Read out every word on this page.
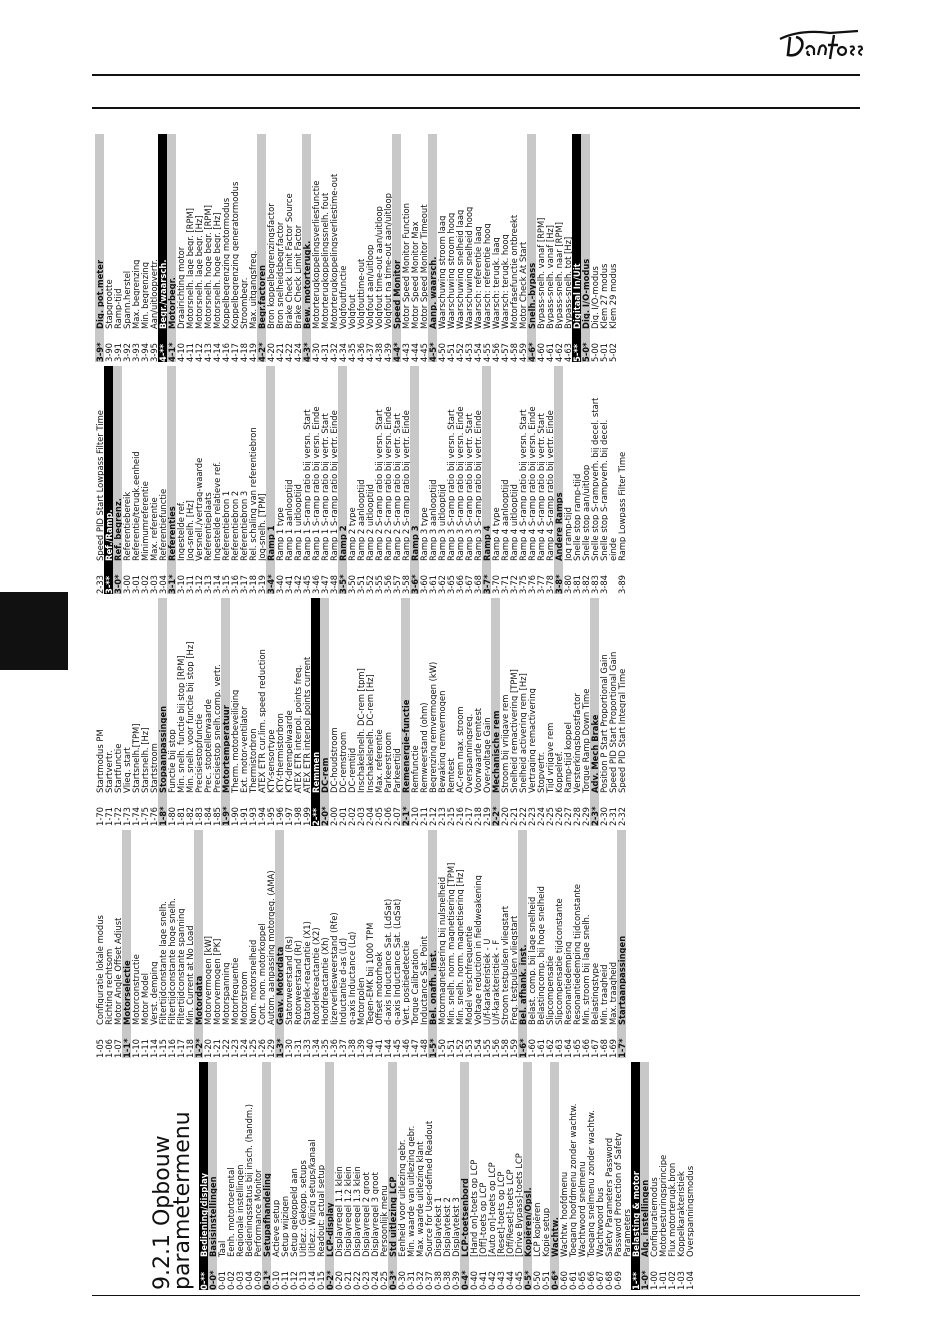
9.2.1Opbouw
parametermenu 0-**
Bediening/display
0-0*
Basisinstellingen
0-01
Taal
0-02
Eenh. motortoerental
0-03
Regionale instellingen
0-04
Bedieningsstatus bij insch. (handm.)
0-09
Performance Monitor
0-1*
Setupafhandeling
0-10
Actieve setup
0-11
Setup wijzigen
0-12
Setup gekoppeld aan
0-13
Uitlez.: Gekopp. setups
0-14
Uitlez.: Wijzig setups/kanaal
0-15
Readout: actual setup
0-2*
LCP-display
0-20
Displayregel 1.1 klein
0-21
Displayregel 1.2 klein
0-22
Displayregel 1.3 klein
0-23
Displayregel 2 groot
0-24
Displayregel 3 groot
0-25
Persoonlijk menu
0-3*
Std uitlezing LCP
0-30
Eenheid voor uitlezing gebr.
0-31
Min. waarde van uitlezing gebr.
0-32
Max. waarde uitlezing klant
0-37
Source for User-defined Readout
0-38
Displaytekst 1
0-38
Displaytekst 2
0-39
Displaytekst 3
0-4*
LCP-toetsenbord
0-40
[Hand on]-toets op LCP
0-41
[Off]-toets op LCP
0-42
[Auto on]-toets op LCP
0-43
[Reset]-toets op LCP
0-44
[Off/Reset]-toets LCP
0-45
[Drive Bypass]-toets LCP
0-5*
Kopiëren/Opsl.
0-50
LCP kopiëren
0-51
Kopie setup
0-6*
Wachtw.
0-60
Wachtw. hoofdmenu
0-61
Toegang hoofdmenu zonder wachtw.
0-65
Wachtwoord snelmenu
0-66
Toegang snelmenu zonder wachtw.
0-67
Wachtwoord bus
0-68
Safety Parameters Password
0-69
Password Protection of Safety Parameters
1-**
Belasting & motor
1-0*
Alg. instellingen
1-00
Configuratiemodus
1-01
Motorbesturingsprincipe
1-02
Flux motorterugk.bron
1-03
Koppelkarakteristiek
1-04
Overspanningsmodus
1-05
Configuratie lokale modus
1-06
Richting rechtsom
1-07
Motor Angle Offset Adjust
1-1*
Motorselectie
1-10
Motorconstructie
1-11
Motor Model
1-14
Verst. demping
1-15
Filtertijdconstante lage snelh.
1-16
Filtertijdconstante hoge snelh.
1-17
Filtertijdconstante spanning
1-18
Min. Current at No Load
1-2*
Motordata
1-20
Motorvermogen [kW]
1-21
Motorvermogen [PK]
1-22
Motorspanning
1-23
Motorfrequentie
1-24
Motorstroom
1-25
Nom. motorsnelheid
1-26
Cont. nom. motorkoppel
1-29
Autom. aanpassing motorgeg. (AMA)
1-3*
Geav. Motordata
1-30
Statorweerstand (Rs)
1-31
Rotorweerstand (Rr)
1-33
Statorlek-reactantie (X1)
1-34
Rotorlekreactantie (X2)
1-35
Hoofdreactantie (Xh)
1-36
Ijzerverliesweerstand (Rfe)
1-37
Inductantie d-as (Ld)
1-38
q-axis Inductance (Lq)
1-39
Motorpolen
1-40
Tegen-EMK bij 1000 TPM
1-41
Offset motorhoek
1-44
d-axis Inductance Sat. (LdSat)
1-45
q-axis Inductance Sat. (LqSat)
1-46
Vert. positiedetectie
1-47
Torque Calibration
1-48
Inductance Sat. Point
1-5*
Bel. onafh. inst.
1-50
Motormagnetisering bij nulsnelheid
1-51
Min. snelh. norm. magnetisering [TPM]
1-52
Min. snelh. norm. magnetisering [Hz]
1-53
Model verschfrequentie
1-54
Voltage reduction in fieldweakening
1-55
U/f-karakteristiek - U
1-56
U/f-karakteristiek - F
1-58
Stroom testpulsen vliegstart
1-59
Freq. testpulsen vliegstart
1-6*
Bel. afhank. inst.
1-60
Belast. comp. bij lage snelheid
1-61
Belastingcomp. bij hoge snelheid
1-62
Slipcompensatie
1-63
Slipcompensatie tijdconstante
1-64
Resonantiedemping
1-65
Resonantiedemping tijdconstante
1-66
Min. stroom bij lage snelh.
1-67
Belastingstype
1-68
Min. traagheid
1-69
Max. traagheid
1-7*
Startaanpassingen
1-70
Startmodus PM
1-71
Startvertr.
1-72
Startfunctie
1-73
Vlieg. start
1-74
Startsnelh.[TPM]
1-75
Startsnelh. [Hz]
1-76
Startstroom
1-8*
Stopaanpassingen
1-80
Functie bij stop
1-81
Min. snelh. functie bij stop [RPM]
1-82
Min. snelh. voor functie bij stop [Hz]
1-83
Precisiestopfunctie
1-84
Prec. stoptellerwaarde
1-85
Precisiestop snelh.comp. vertr.
1-9*
Motortemperatuur
1-90
Therm. motorbeveiliging
1-91
Ext. motor-ventilator
1-93
Thermistorbron
1-94
ATEX ETR cur.lim. speed reduction
1-95
KTY-sensortype
1-96
KTY-thermistorbron
1-97
KTY-drempelwaarde
1-98
ATEX ETR interpol. points freq.
1-99
ATEX ETR interpol points current
2-**
Remmen
2-0*
DC-rem
2-00
DC-houdstroom
2-01
DC-remstroom
2-02
DC-remtijd
2-03
Inschakelsnelh. DC-rem [tpm]
2-04
Inschakelsnelh. DC-rem [Hz]
2-05
Max. referentie
2-06
Parkeerstroom
2-07
Parkeertijd
2-1*
Remenergie-functie
2-10
Remfunctie
2-11
Remweerstand (ohm)
2-12
Begrenzing remvermogen (kW)
2-13
Bewaking remvermogen
2-15
Remtest
2-16
AC-rem max. stroom
2-17
Overspanningsreg.
2-18
Voorwaarde remtest
2-19
Over-voltage Gain
2-2*
Mechanische rem
2-20
Stroom bij vrijgave rem
2-21
Snelheid remactivering [TPM]
2-22
Snelheid activering rem [Hz]
2-23
Vertraging remactivering
2-24
Stopvertr.
2-25
Tijd vrijgave rem
2-26
Koppelref.
2-27
Ramp-tijd koppel
2-28
Versterkingsboostfactor
2-29
Torque Ramp Down Time
2-3*
Adv. Mech Brake
2-30
Position P Start Proportional Gain
2-31
Speed PID Start Proportional Gain
2-32
Speed PID Start Integral Time
2-33
Speed PID Start Lowpass Filter Time
3-**
Ref./Ramp.
3-0*
Ref. begrenz.
3-00
Referentiebereik
3-01
Referentie/terugk.eenheid
3-02
Minimumreferentie
3-03
Max. referentie
3-04
Referentiefunctie
3-1*
Referenties
3-10
Ingestelde ref.
3-11
Jog-snelh. [Hz]
3-12
Versnell./vertrag-waarde
3-13
Referentieplaats
3-14
Ingestelde relatieve ref.
3-15
Referentiebron 1
3-16
Referentiebron 2
3-17
Referentiebron 3
3-18
Rel. schaling van referentiebron
3-19
Jog-snelh. [TPM]
3-4*
Ramp 1
3-40
Ramp 1 type
3-41
Ramp 1 aanlooptijd
3-42
Ramp 1 uitlooptijd
3-45
Ramp 1 S-ramp ratio bij versn. Start
3-46
Ramp 1 S-ramp ratio bij versn. Einde
3-47
Ramp 1 S-ramp ratio bij vertr. Start
3-48
Ramp 1 S-ramp ratio bij vertr. Einde
3-5*
Ramp 2
3-50
Ramp 2 type
3-51
Ramp 2 aanlooptijd
3-52
Ramp 2 uitlooptijd
3-55
Ramp 2 S-ramp ratio bij versn. Start
3-56
Ramp 2 S-ramp ratio bij versn. Einde
3-57
Ramp 2 S-ramp ratio bij vertr. Start
3-58
Ramp 2 S-ramp ratio bij vertr. Einde
3-6*
Ramp 3
3-60
Ramp 3 type
3-61
Ramp 3 aanlooptijd
3-62
Ramp 3 uitlooptijd
3-65
Ramp 3 S-ramp ratio bij versn. Start
3-66
Ramp 3 S-ramp ratio bij versn. Einde
3-67
Ramp 3 S-ramp ratio bij vertr. Start
3-68
Ramp 3 S-ramp ratio bij vertr. Einde
3-7*
Ramp 4
3-70
Ramp 4 type
3-71
Ramp 4 aanlooptijd
3-72
Ramp 4 uitlooptijd
3-75
Ramp 4 S-ramp ratio bij versn. Start
3-76
Ramp 4 S-ramp ratio bij versn. Einde
3-77
Ramp 4 S-ramp ratio bij vertr. Start
3-78
Ramp 4 S-ramp ratio bij vertr. Einde
3-8*
Andere Ramps
3-80
Jog ramp-tijd
3-81
Snelle stop ramp-tijd
3-82
Snelle stop aan/uitloop
3-83
Snelle stop S-rampverh. bij decel. start
3-84
Snelle stop S-rampverh. bij decel. einde
3-89
Ramp Lowpass Filter Time
3-9*
Dig. pot.meter
3-90
Stapgrootte
3-91
Ramp-tijd
3-92
Spann.herstel
3-93
Max. begrenzing
3-94
Min. begrenzing
3-95
Aan/uitloopvertr.
4-**
Begr./waarsch.
4-1*
Motorbegr.
4-10
Draairichting motor
4-11
Motorsnelh. lage begr. [RPM]
4-12
Motorsnelh. lage begr. [Hz]
4-13
Motorsnelh. hoge begr. [RPM]
4-14
Motorsnelh. hoge begr. [Hz]
4-16
Koppelbegrenzing motormodus
4-17
Koppelbegrenzing generatormodus
4-18
Stroombegr.
4-19
Max. uitgangsfreq.
4-2*
Begr.factoren
4-20
Bron koppelbegrenzingsfactor
4-21
Bron snelheidsbegr.factor
4-22
Brake Check Limit Factor Source
4-24
Brake Check Limit Factor
4-3*
Bew. motorterugk.
4-30
Motorterugkoppelingsverliesfunctie
4-31
Motorterugkoppelingssnelh. fout
4-32
Motorterugkoppelingsverliestime-out
4-34
Volgfoutfunctie
4-35
Volgfout
4-36
Volgfouttime-out
4-37
Volgfout aan/uitloop
4-38
Volgfout time-out aan/uitloop
4-39
Volgfout na time-out aan/uitloop
4-4*
Speed Monitor
4-43
Motor Speed Monitor Function
4-44
Motor Speed Monitor Max
4-45
Motor Speed Monitor Timeout
4-5*
Aanp. waarsch.
4-50
Waarschuwing stroom laag
4-51
Waarschuwing stroom hoog
4-52
Waarschuwing snelheid laag
4-53
Waarschuwing snelheid hoog
4-54
Waarsch: referentie laag
4-55
Waarsch: referentie hoog
4-56
Waarsch: terugk. laag
4-57
Waarsch: terugk. hoog
4-58
Motorfasefunctie ontbreekt
4-59
Motor Check At Start
4-6*
Snelh.-bypass
4-60
Bypass-snelh. vanaf [RPM]
4-61
Bypass-snelh. vanaf [Hz]
4-62
Bypass-snelh. naar [RPM]
4-63
Bypass-snelh. tot [Hz]
5-**
Digitaal In/Uit
5-0*
Dig. I/O-modus
5-00
Dig. I/O-modus
5-01
Klem 27 modus
5-02
Klem 29 modus
